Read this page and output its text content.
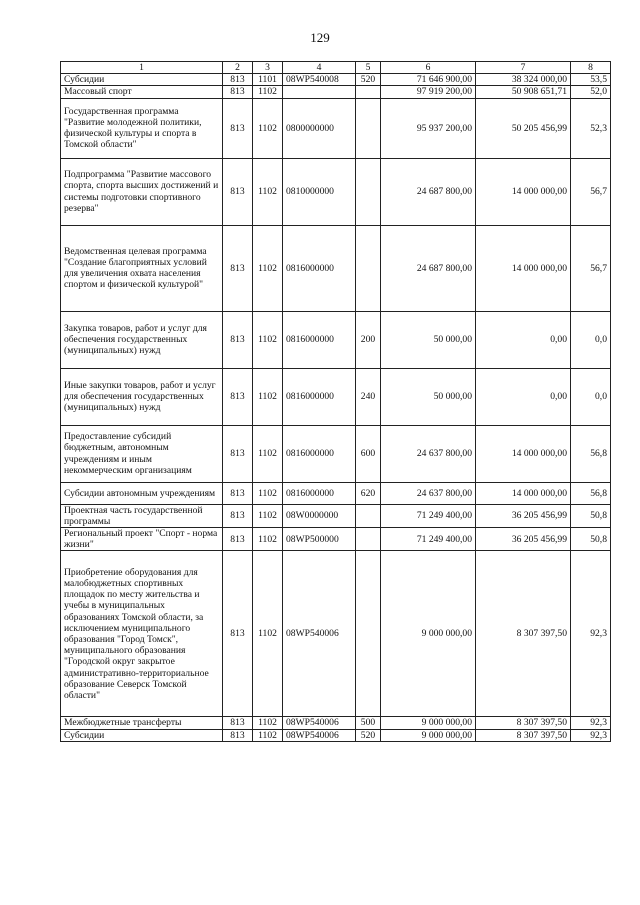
129
1	2	3	4	5	6	7	8
Субсидии	813	1101	08WP540008	520	71 646 900,00	38 324 000,00	53,5
Массовый спорт	813	1102			97 919 200,00	50 908 651,71	52,0
Государственная программа "Развитие молодежной политики, физической культуры и спорта в Томской области"	813	1102	0800000000		95 937 200,00	50 205 456,99	52,3
Подпрограмма "Развитие массового спорта, спорта высших достижений и системы подготовки спортивного резерва"	813	1102	0810000000		24 687 800,00	14 000 000,00	56,7
Ведомственная целевая программа "Создание благоприятных условий для увеличения охвата населения спортом и физической культурой"	813	1102	0816000000		24 687 800,00	14 000 000,00	56,7
Закупка товаров, работ и услуг для обеспечения государственных (муниципальных) нужд	813	1102	0816000000	200	50 000,00	0,00	0,0
Иные закупки товаров, работ и услуг для обеспечения государственных (муниципальных) нужд	813	1102	0816000000	240	50 000,00	0,00	0,0
Предоставление субсидий бюджетным, автономным учреждениям и иным некоммерческим организациям	813	1102	0816000000	600	24 637 800,00	14 000 000,00	56,8
Субсидии автономным учреждениям	813	1102	0816000000	620	24 637 800,00	14 000 000,00	56,8
Проектная часть государственной программы	813	1102	08W0000000		71 249 400,00	36 205 456,99	50,8
Региональный проект "Спорт - норма жизни"	813	1102	08WP500000		71 249 400,00	36 205 456,99	50,8
Приобретение оборудования для малобюджетных спортивных площадок по месту жительства и учебы в муниципальных образованиях Томской области, за исключением муниципального образования "Город Томск", муниципального образования "Городской округ закрытое административно-территориальное образование Северск Томской области"	813	1102	08WP540006		9 000 000,00	8 307 397,50	92,3
Межбюджетные трансферты	813	1102	08WP540006	500	9 000 000,00	8 307 397,50	92,3
Субсидии	813	1102	08WP540006	520	9 000 000,00	8 307 397,50	92,3
